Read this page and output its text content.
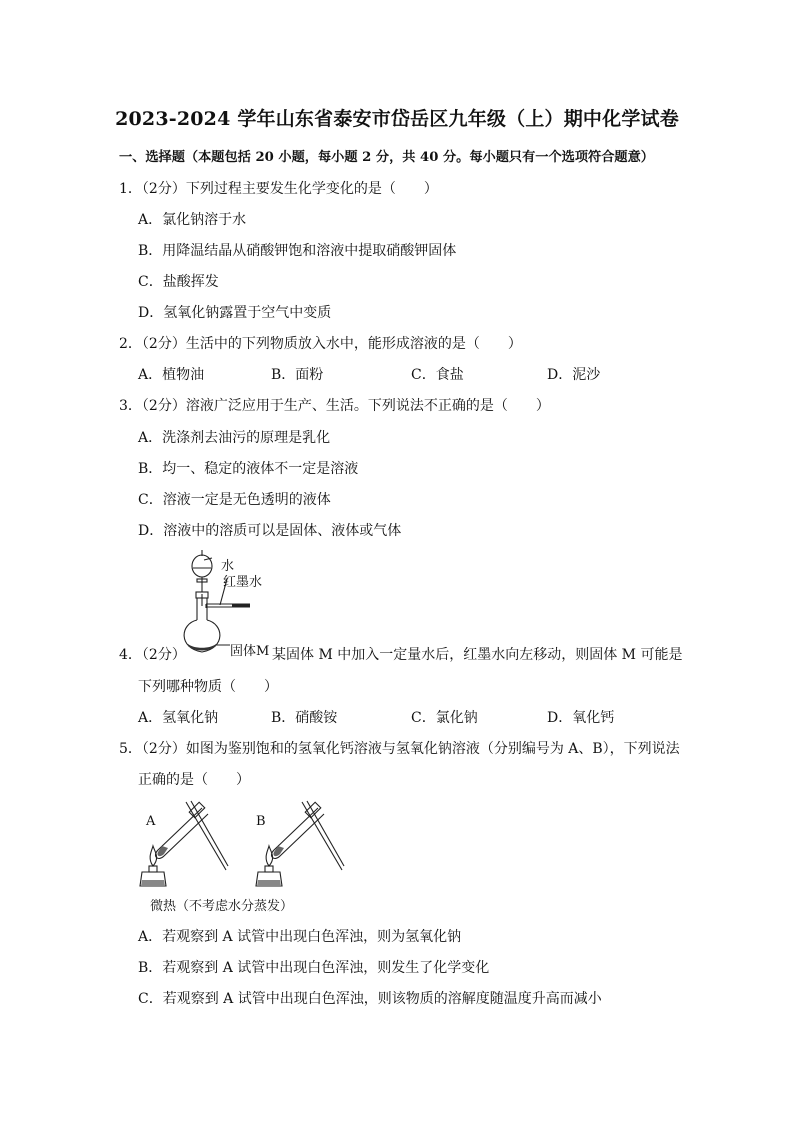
2023-2024 学年山东省泰安市岱岳区九年级（上）期中化学试卷
一、选择题（本题包括 20 小题，每小题 2 分，共 40 分。每小题只有一个选项符合题意）
1．（2分）下列过程主要发生化学变化的是（　　）
A．氯化钠溶于水
B．用降温结晶从硝酸钾饱和溶液中提取硝酸钾固体
C．盐酸挥发
D．氢氧化钠露置于空气中变质
2．（2分）生活中的下列物质放入水中，能形成溶液的是（　　）
A．植物油	B．面粉	C．食盐	D．泥沙
3．（2分）溶液广泛应用于生产、生活。下列说法不正确的是（　　）
A．洗涤剂去油污的原理是乳化
B．均一、稳定的液体不一定是溶液
C．溶液一定是无色透明的液体
D．溶液中的溶质可以是固体、液体或气体
水
红墨水
4．（2分）	固体M 某固体 M 中加入一定量水后，红墨水向左移动，则固体 M 可能是
下列哪种物质（　　）
A．氢氧化钠	B．硝酸铵	C．氯化钠	D．氧化钙
5．（2分）如图为鉴别饱和的氢氧化钙溶液与氢氧化钠溶液（分别编号为 A、B），下列说法
正确的是（　　）
A	B
微热（不考虑水分蒸发）
A．若观察到 A 试管中出现白色浑浊，则为氢氧化钠
B．若观察到 A 试管中出现白色浑浊，则发生了化学变化
C．若观察到 A 试管中出现白色浑浊，则该物质的溶解度随温度升高而减小
